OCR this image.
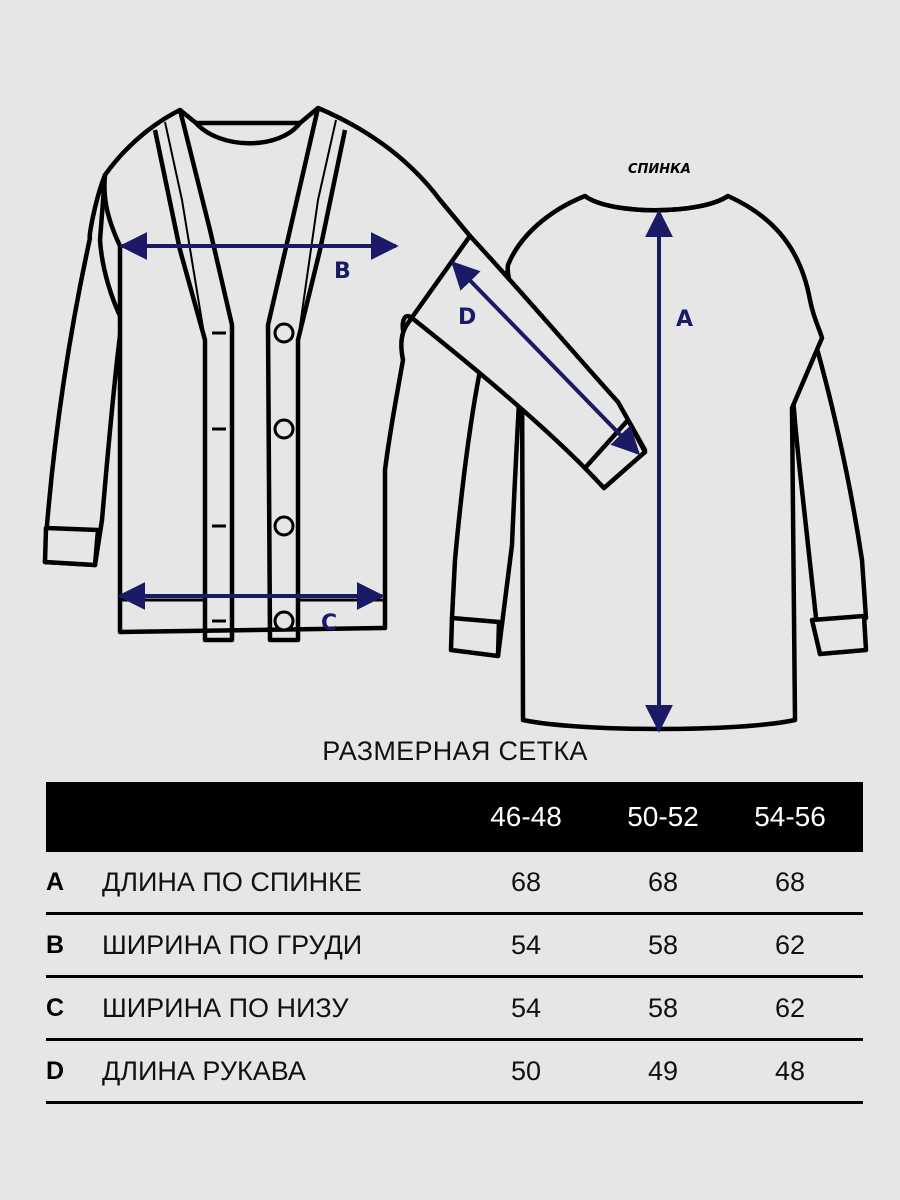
СПИНКА
A
B
C
D
РАЗМЕРНАЯ СЕТКА
46-48	50-52	54-56
A ДЛИНА ПО СПИНКЕ	68	68	68
B ШИРИНА ПО ГРУДИ	54	58	62
C ШИРИНА ПО НИЗУ	54	58	62
D ДЛИНА РУКАВА	50	49	48
